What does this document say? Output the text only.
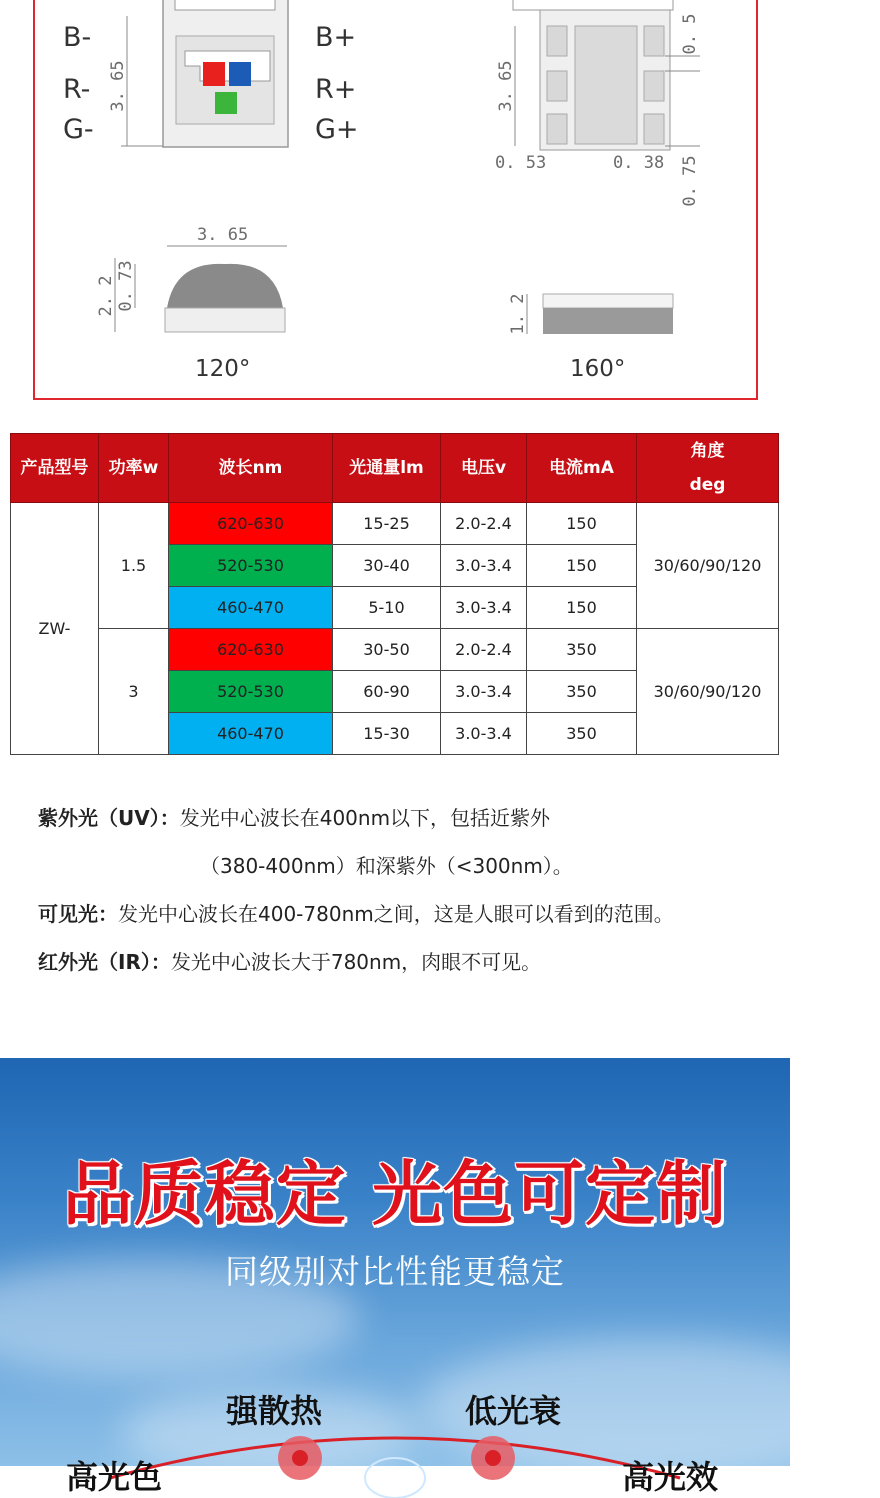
B-
R-
G-
B+
R+
G+
3. 65	3. 65
0. 5
0. 53	0. 38 0. 75
3. 65
2. 2 0. 73
120°
1. 2
160°
产品型号	功率w	波长nm	光通量lm	电压v	电流mA	角度
deg
ZW-	1.5	620-630	15-25	2.0-2.4	150	30/60/90/120
		520-530	30-40	3.0-3.4	150	
		460-470	5-10	3.0-3.4	150	
	3	620-630	30-50	2.0-2.4	350	30/60/90/120
		520-530	60-90	3.0-3.4	350	
		460-470	15-30	3.0-3.4	350	
紫外光（UV）：发光中心波长在400nm以下，包括近紫外
（380-400nm）和深紫外（<300nm）。
可见光：发光中心波长在400-780nm之间，这是人眼可以看到的范围。
红外光（IR）：发光中心波长大于780nm，肉眼不可见。
品质稳定 光色可定制
同级别对比性能更稳定
强散热	低光衰
高光色	高光效
